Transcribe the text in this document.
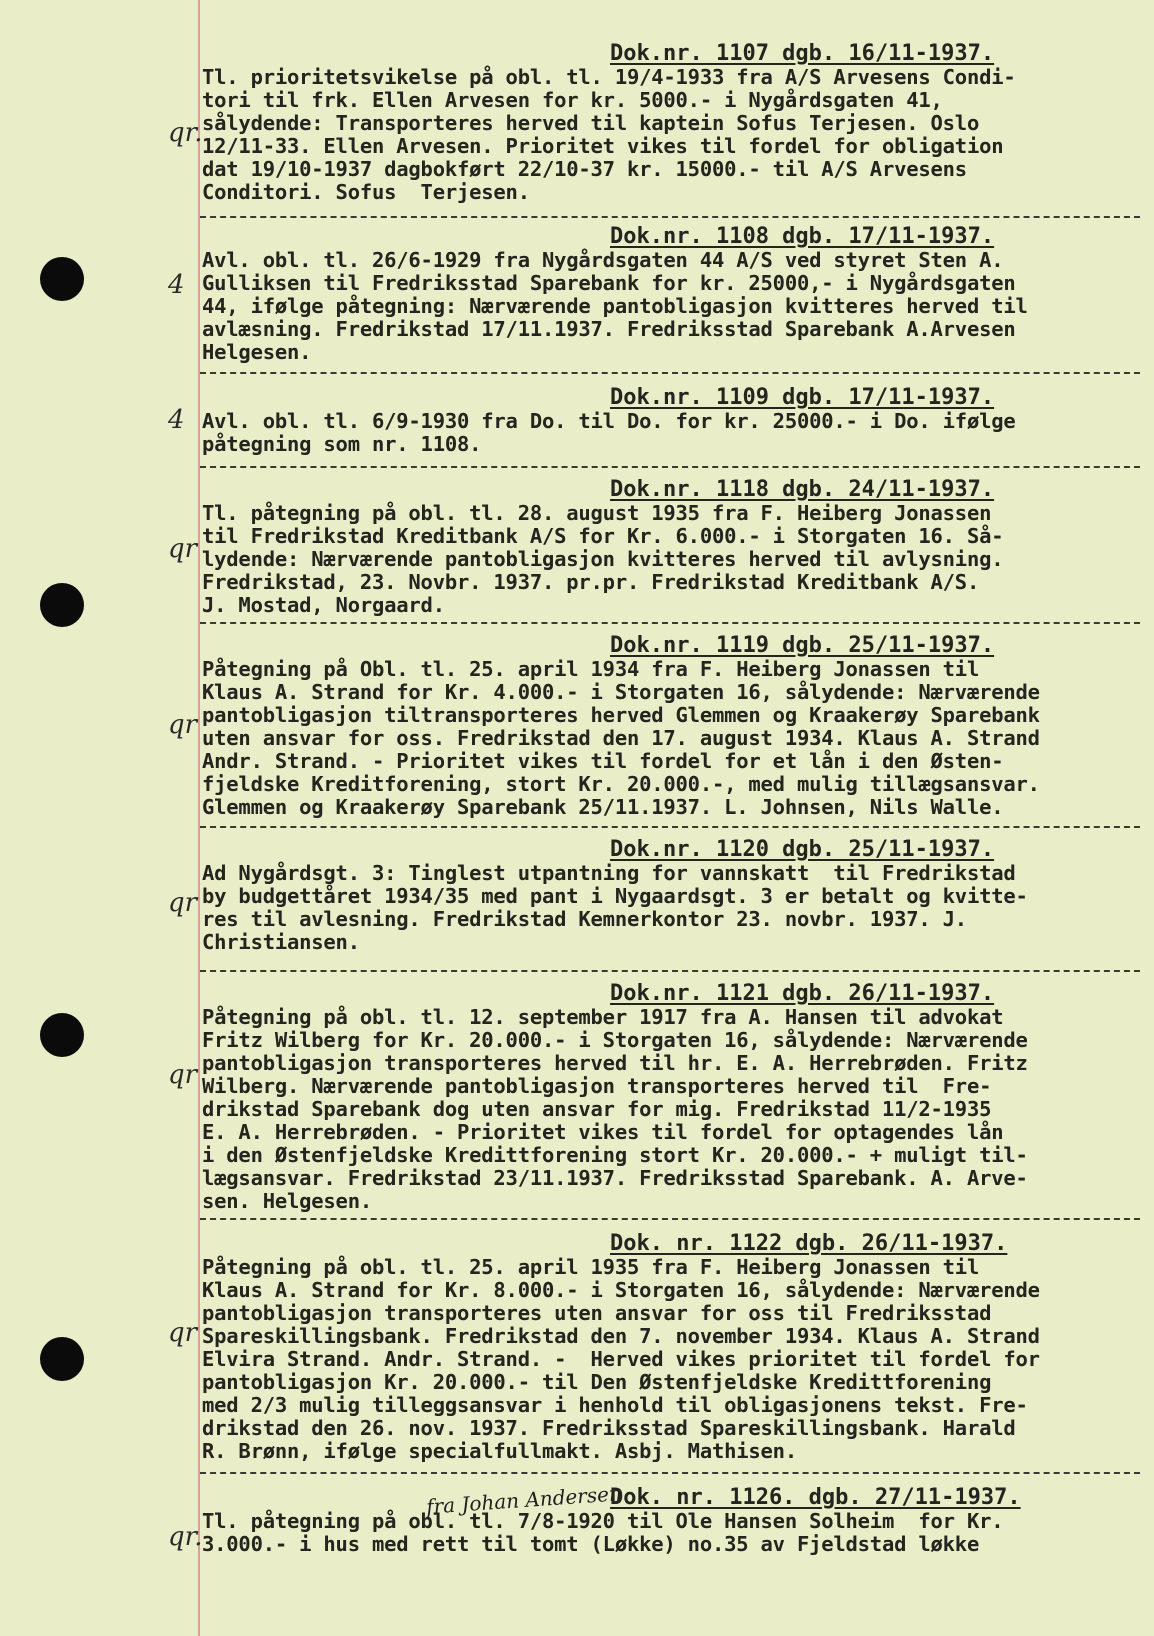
Dok.nr. 1107 dgb. 16/11-1937.
Tl. prioritetsvikelse på obl. tl. 19/4-1933 fra A/S Arvesens Condi-
tori til frk. Ellen Arvesen for kr. 5000.- i Nygårdsgaten 41,
sålydende: Transporteres herved til kaptein Sofus Terjesen. Oslo
12/11-33. Ellen Arvesen. Prioritet vikes til fordel for obligation
dat 19/10-1937 dagbokført 22/10-37 kr. 15000.- til A/S Arvesens
Conditori. Sofus  Terjesen.
qr.
Dok.nr. 1108 dgb. 17/11-1937.
Avl. obl. tl. 26/6-1929 fra Nygårdsgaten 44 A/S ved styret Sten A.
Gulliksen til Fredriksstad Sparebank for kr. 25000,- i Nygårdsgaten
44, ifølge påtegning: Nærværende pantobligasjon kvitteres herved til
avlæsning. Fredrikstad 17/11.1937. Fredriksstad Sparebank A.Arvesen
Helgesen.
4
Dok.nr. 1109 dgb. 17/11-1937.
Avl. obl. tl. 6/9-1930 fra Do. til Do. for kr. 25000.- i Do. ifølge
påtegning som nr. 1108.
4
Dok.nr. 1118 dgb. 24/11-1937.
Tl. påtegning på obl. tl. 28. august 1935 fra F. Heiberg Jonassen
til Fredrikstad Kreditbank A/S for Kr. 6.000.- i Storgaten 16. Så-
lydende: Nærværende pantobligasjon kvitteres herved til avlysning.
Fredrikstad, 23. Novbr. 1937. pr.pr. Fredrikstad Kreditbank A/S.
J. Mostad, Norgaard.
qr
Dok.nr. 1119 dgb. 25/11-1937.
Påtegning på Obl. tl. 25. april 1934 fra F. Heiberg Jonassen til
Klaus A. Strand for Kr. 4.000.- i Storgaten 16, sålydende: Nærværende
pantobligasjon tiltransporteres herved Glemmen og Kraakerøy Sparebank
uten ansvar for oss. Fredrikstad den 17. august 1934. Klaus A. Strand
Andr. Strand. - Prioritet vikes til fordel for et lån i den Østen-
fjeldske Kreditforening, stort Kr. 20.000.-, med mulig tillægsansvar.
Glemmen og Kraakerøy Sparebank 25/11.1937. L. Johnsen, Nils Walle.
qr
Dok.nr. 1120 dgb. 25/11-1937.
Ad Nygårdsgt. 3: Tinglest utpantning for vannskatt  til Fredrikstad
by budgettåret 1934/35 med pant i Nygaardsgt. 3 er betalt og kvitte-
res til avlesning. Fredrikstad Kemnerkontor 23. novbr. 1937. J.
Christiansen.
qr
Dok.nr. 1121 dgb. 26/11-1937.
Påtegning på obl. tl. 12. september 1917 fra A. Hansen til advokat
Fritz Wilberg for Kr. 20.000.- i Storgaten 16, sålydende: Nærværende
pantobligasjon transporteres herved til hr. E. A. Herrebrøden. Fritz
Wilberg. Nærværende pantobligasjon transporteres herved til  Fre-
drikstad Sparebank dog uten ansvar for mig. Fredrikstad 11/2-1935
E. A. Herrebrøden. - Prioritet vikes til fordel for optagendes lån
i den Østenfjeldske Kredittforening stort Kr. 20.000.- + muligt til-
lægsansvar. Fredrikstad 23/11.1937. Fredriksstad Sparebank. A. Arve-
sen. Helgesen.
qr
Dok. nr. 1122 dgb. 26/11-1937.
Påtegning på obl. tl. 25. april 1935 fra F. Heiberg Jonassen til
Klaus A. Strand for Kr. 8.000.- i Storgaten 16, sålydende: Nærværende
pantobligasjon transporteres uten ansvar for oss til Fredriksstad
Spareskillingsbank. Fredrikstad den 7. november 1934. Klaus A. Strand
Elvira Strand. Andr. Strand. -  Herved vikes prioritet til fordel for
pantobligasjon Kr. 20.000.- til Den Østenfjeldske Kredittforening
med 2/3 mulig tilleggsansvar i henhold til obligasjonens tekst. Fre-
drikstad den 26. nov. 1937. Fredriksstad Spareskillingsbank. Harald
R. Brønn, ifølge specialfullmakt. Asbj. Mathisen.
qr
fra Johan Andersen
Dok. nr. 1126. dgb. 27/11-1937.
Tl. påtegning på obl. tl. 7/8-1920 til Ole Hansen Solheim  for Kr.
3.000.- i hus med rett til tomt (Løkke) no.35 av Fjeldstad løkke
qr.
